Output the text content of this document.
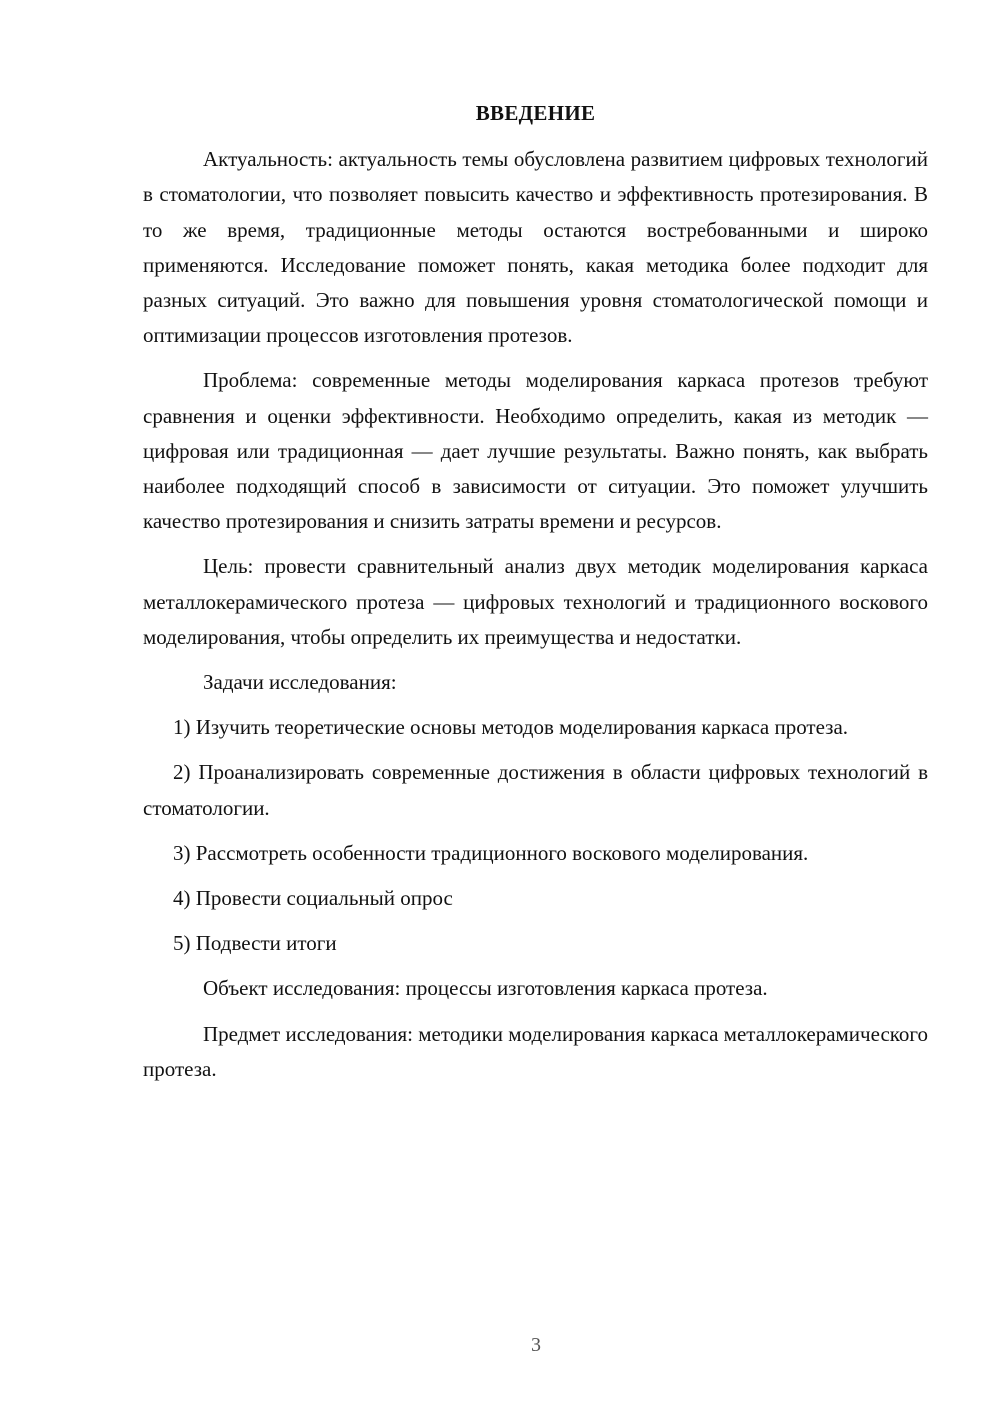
ВВЕДЕНИЕ

Актуальность: актуальность темы обусловлена развитием цифровых технологий в стоматологии, что позволяет повысить качество и эффективность протезирования. В то же время, традиционные методы остаются востребованными и широко применяются. Исследование поможет понять, какая методика более подходит для разных ситуаций. Это важно для повышения уровня стоматологической помощи и оптимизации процессов изготовления протезов.

Проблема: современные методы моделирования каркаса протезов требуют сравнения и оценки эффективности. Необходимо определить, какая из методик — цифровая или традиционная — дает лучшие результаты. Важно понять, как выбрать наиболее подходящий способ в зависимости от ситуации. Это поможет улучшить качество протезирования и снизить затраты времени и ресурсов.

Цель: провести сравнительный анализ двух методик моделирования каркаса металлокерамического протеза — цифровых технологий и традиционного воскового моделирования, чтобы определить их преимущества и недостатки.

Задачи исследования:

1) Изучить теоретические основы методов моделирования каркаса протеза.

2) Проанализировать современные достижения в области цифровых технологий в стоматологии.

3) Рассмотреть особенности традиционного воскового моделирования.

4) Провести социальный опрос

5) Подвести итоги

Объект исследования: процессы изготовления каркаса протеза.

Предмет исследования: методики моделирования каркаса металлокерамического протеза.

3
